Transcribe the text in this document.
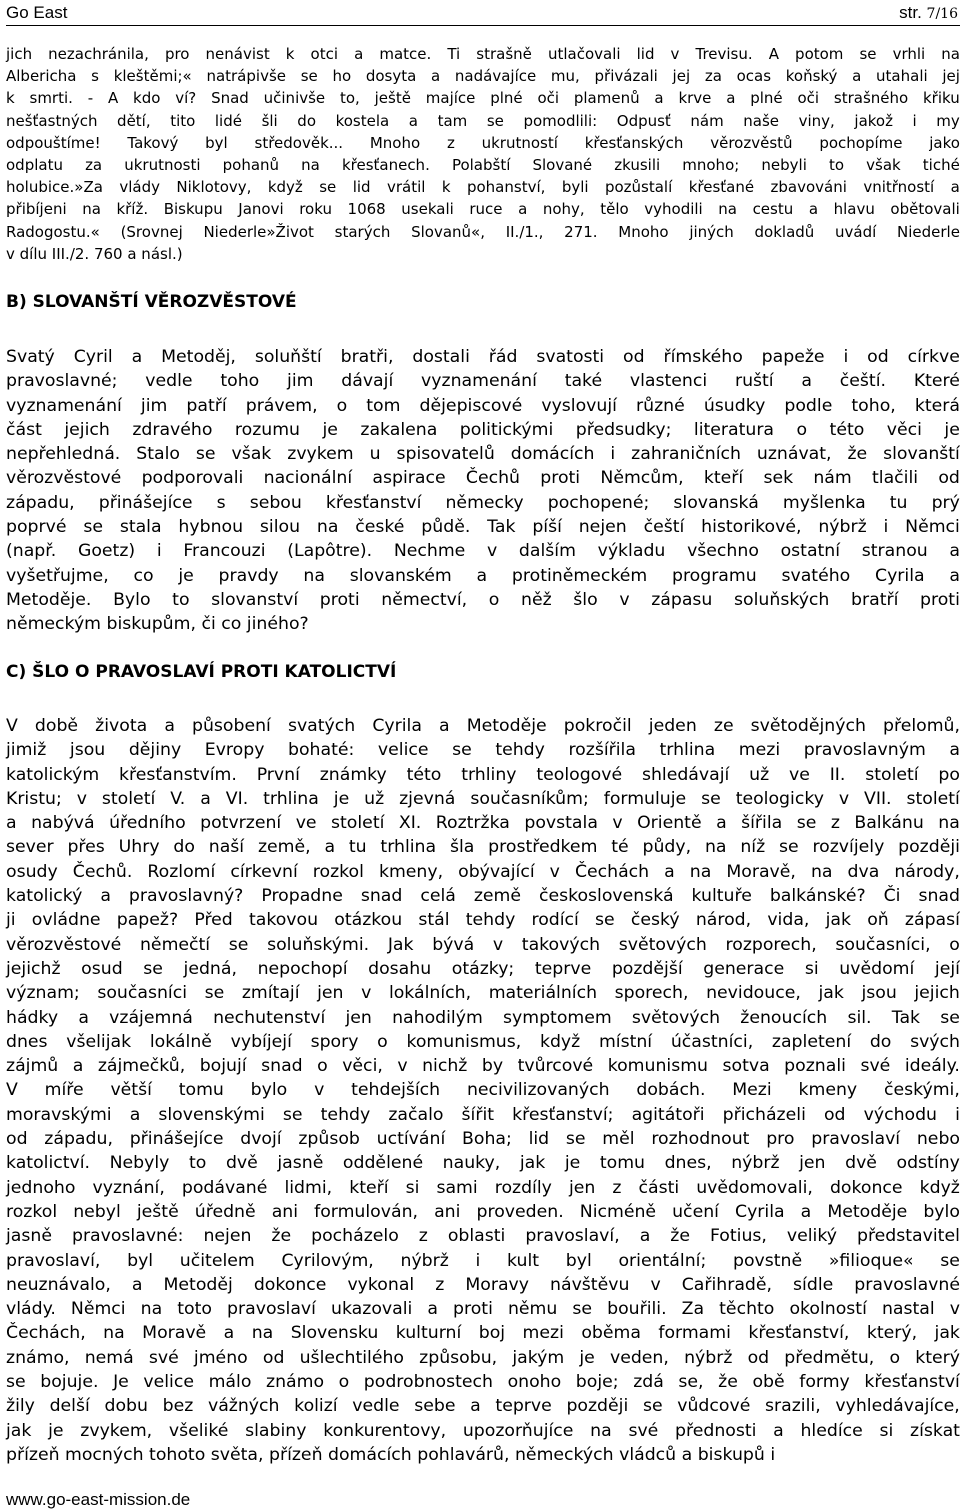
Go East	str. 7/16
jich nezachránila, pro nenávist k otci a matce. Ti strašně utlačovali lid v Trevisu. A potom se vrhli na
Albericha s kleštěmi;« natrápivše se ho dosyta a nadávajíce mu, přivázali jej za ocas koňský a utahali jej
k smrti. - A kdo ví? Snad učinivše to, ještě majíce plné oči plamenů a krve a plné oči strašného křiku
nešťastných dětí, tito lidé šli do kostela a tam se pomodlili: Odpusť nám naše viny, jakož i my
odpouštíme! Takový byl středověk... Mnoho z ukrutností křesťanských věrozvěstů pochopíme jako
odplatu za ukrutnosti pohanů na křesťanech. Polabští Slované zkusili mnoho; nebyli to však tiché
holubice.»Za vlády Niklotovy, když se lid vrátil k pohanství, byli pozůstalí křesťané zbavováni vnitřností a
přibíjeni na kříž. Biskupu Janovi roku 1068 usekali ruce a nohy, tělo vyhodili na cestu a hlavu obětovali
Radogostu.« (Srovnej Niederle»Život starých Slovanů«, II./1., 271. Mnoho jiných dokladů uvádí Niederle
v dílu III./2. 760 a násl.)
B) SLOVANŠTÍ VĚROZVĚSTOVÉ
Svatý Cyril a Metoděj, soluňští bratři, dostali řád svatosti od římského papeže i od církve
pravoslavné; vedle toho jim dávají vyznamenání také vlastenci ruští a čeští. Které
vyznamenání jim patří právem, o tom dějepiscové vyslovují různé úsudky podle toho, která
část jejich zdravého rozumu je zakalena politickými předsudky; literatura o této věci je
nepřehledná. Stalo se však zvykem u spisovatelů domácích i zahraničních uznávat, že slovanští
věrozvěstové podporovali nacionální aspirace Čechů proti Němcům, kteří sek nám tlačili od
západu, přinášejíce s sebou křesťanství německy pochopené; slovanská myšlenka tu prý
poprvé se stala hybnou silou na české půdě. Tak píší nejen čeští historikové, nýbrž i Němci
(např. Goetz) i Francouzi (Lapôtre). Nechme v dalším výkladu všechno ostatní stranou a
vyšetřujme, co je pravdy na slovanském a protiněmeckém programu svatého Cyrila a
Metoděje. Bylo to slovanství proti němectví, o něž šlo v zápasu soluňských bratří proti
německým biskupům, či co jiného?
C) ŠLO O PRAVOSLAVÍ PROTI KATOLICTVÍ
V době života a působení svatých Cyrila a Metoděje pokročil jeden ze světodějných přelomů,
jimiž jsou dějiny Evropy bohaté: velice se tehdy rozšířila trhlina mezi pravoslavným a
katolickým křesťanstvím. První známky této trhliny teologové shledávají už ve II. století po
Kristu; v století V. a VI. trhlina je už zjevná současníkům; formuluje se teologicky v VII. století
a nabývá úředního potvrzení ve století XI. Roztržka povstala v Orientě a šířila se z Balkánu na
sever přes Uhry do naší země, a tu trhlina šla prostředkem té půdy, na níž se rozvíjely později
osudy Čechů. Rozlomí církevní rozkol kmeny, obývající v Čechách a na Moravě, na dva národy,
katolický a pravoslavný? Propadne snad celá země československá kultuře balkánské? Či snad
ji ovládne papež? Před takovou otázkou stál tehdy rodící se český národ, vida, jak oň zápasí
věrozvěstové němečtí se soluňskými. Jak bývá v takových světových rozporech, současníci, o
jejichž osud se jedná, nepochopí dosahu otázky; teprve pozdější generace si uvědomí její
význam; současníci se zmítají jen v lokálních, materiálních sporech, nevidouce, jak jsou jejich
hádky a vzájemná nechutenství jen nahodilým symptomem světových ženoucích sil. Tak se
dnes všelijak lokálně vybíjejí spory o komunismus, když místní účastníci, zapletení do svých
zájmů a zájmečků, bojují snad o věci, v nichž by tvůrcové komunismu sotva poznali své ideály.
V míře větší tomu bylo v tehdejších necivilizovaných dobách. Mezi kmeny českými,
moravskými a slovenskými se tehdy začalo šířit křesťanství; agitátoři přicházeli od východu i
od západu, přinášejíce dvojí způsob uctívání Boha; lid se měl rozhodnout pro pravoslaví nebo
katolictví. Nebyly to dvě jasně oddělené nauky, jak je tomu dnes, nýbrž jen dvě odstíny
jednoho vyznání, podávané lidmi, kteří si sami rozdíly jen z části uvědomovali, dokonce když
rozkol nebyl ještě úředně ani formulován, ani proveden. Nicméně učení Cyrila a Metoděje bylo
jasně pravoslavné: nejen že pocházelo z oblasti pravoslaví, a že Fotius, veliký představitel
pravoslaví, byl učitelem Cyrilovým, nýbrž i kult byl orientální; povstně »filioque« se
neuznávalo, a Metoděj dokonce vykonal z Moravy návštěvu v Cařihradě, sídle pravoslavné
vlády. Němci na toto pravoslaví ukazovali a proti němu se bouřili. Za těchto okolností nastal v
Čechách, na Moravě a na Slovensku kulturní boj mezi oběma formami křesťanství, který, jak
známo, nemá své jméno od ušlechtilého způsobu, jakým je veden, nýbrž od předmětu, o který
se bojuje. Je velice málo známo o podrobnostech onoho boje; zdá se, že obě formy křesťanství
žily delší dobu bez vážných kolizí vedle sebe a teprve později se vůdcové srazili, vyhledávajíce,
jak je zvykem, všeliké slabiny konkurentovy, upozorňujíce na své přednosti a hledíce si získat
přízeň mocných tohoto světa, přízeň domácích pohlavárů, německých vládců a biskupů i
www.go-east-mission.de
